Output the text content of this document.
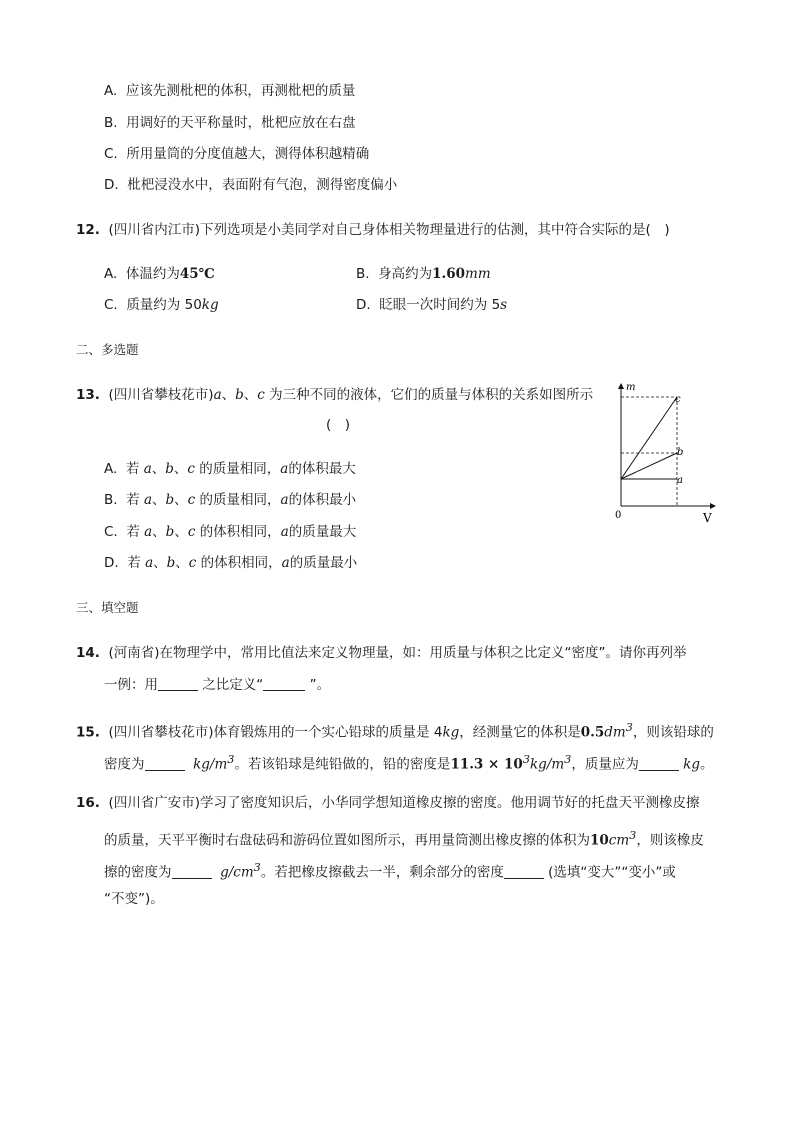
A. 应该先测枇杷的体积，再测枇杷的质量
B. 用调好的天平称量时，枇杷应放在右盘
C. 所用量筒的分度值越大，测得体积越精确
D. 枇杷浸没水中，表面附有气泡，测得密度偏小
12. (四川省内江市)下列选项是小美同学对自己身体相关物理量进行的估测，其中符合实际的是(　)
A. 体温约为45℃	B. 身高约为1.60mm
C. 质量约为 50kg	D. 眨眼一次时间约为 5s
二、多选题
13. (四川省攀枝花市)a、b、c 为三种不同的液体，它们的质量与体积的关系如图所示
(　)
A. 若 a、b、c 的质量相同，a的体积最大
B. 若 a、b、c 的质量相同，a的体积最小
C. 若 a、b、c 的体积相同，a的质量最大
D. 若 a、b、c 的体积相同，a的质量最小
m
V
0
c
b
a
三、填空题
14. (河南省)在物理学中，常用比值法来定义物理量，如：用质量与体积之比定义“密度”。请你再列举
一例：用	之比定义“	”。
15. (四川省攀枝花市)体育锻炼用的一个实心铅球的质量是 4kg，经测量它的体积是$0.5dm^3$，则该铅球的
密度为	$kg/m^3$。若该铅球是纯铅做的，铅的密度是$11.3 \times 10^3kg/m^3$，质量应为	kg。
16. (四川省广安市)学习了密度知识后，小华同学想知道橡皮擦的密度。他用调节好的托盘天平测橡皮擦
的质量，天平平衡时右盘砝码和游码位置如图所示，再用量筒测出橡皮擦的体积为$10cm^3$，则该橡皮
擦的密度为	$g/cm^3$。若把橡皮擦截去一半，剩余部分的密度	(选填“变大”“变小”或
“不变”)。
